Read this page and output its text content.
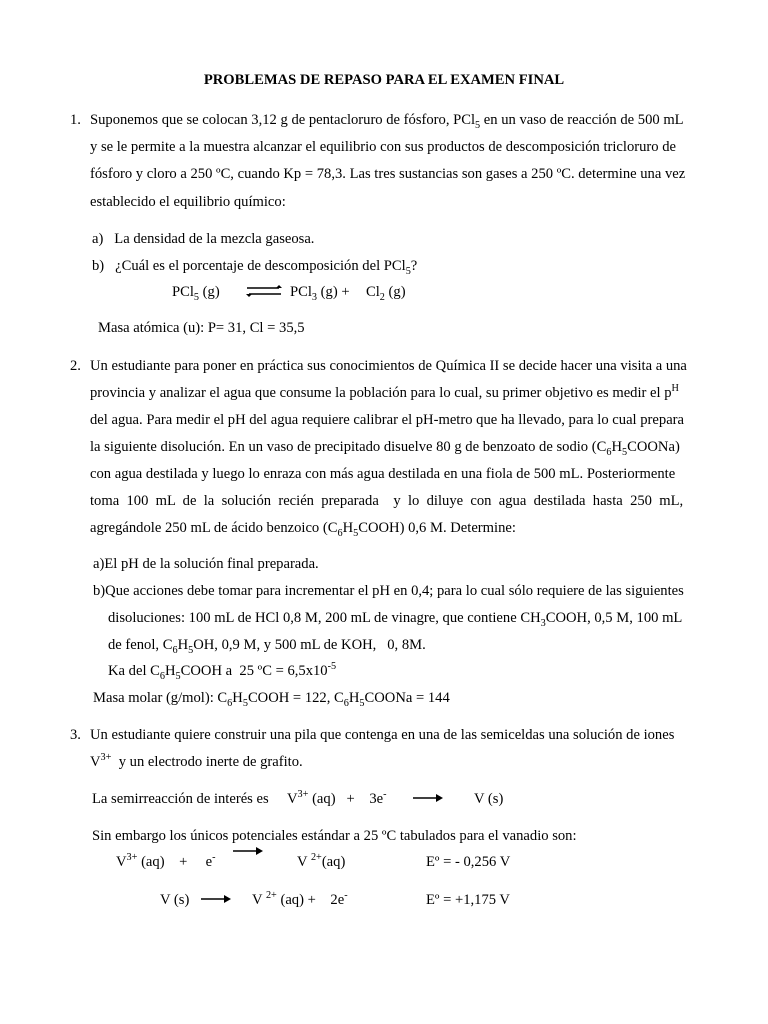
PROBLEMAS DE REPASO PARA EL EXAMEN FINAL
1. Suponemos que se colocan 3,12 g de pentacloruro de fósforo, PCl$_5$ en un vaso de reacción de 500 mL
y se le permite a la muestra alcanzar el equilibrio con sus productos de descomposición tricloruro de
fósforo y cloro a 250 ºC, cuando Kp = 78,3. Las tres sustancias son gases a 250 ºC. determine una vez
establecido el equilibrio químico:
a)   La densidad de la mezcla gaseosa.
b)   ¿Cuál es el porcentaje de descomposición del PCl$_5$?
PCl$_5$ (g) ⇌ PCl$_3$ $(g) + Cl_2$ (g)
Masa atómica (u): P= 31, Cl = 35,5
2. Un estudiante para poner en práctica sus conocimientos de Química II se decide hacer una visita a una
provincia y analizar el agua que consume la población para lo cual, su primer objetivo es medir el $p^H$
del agua. Para medir el pH del agua requiere calibrar el pH-metro que ha llevado, para lo cual prepara
la siguiente disolución. En un vaso de precipitado disuelve 80 g de benzoato de sodio $(C_6H_5COONa)$
con agua destilada y luego lo enraza con más agua destilada en una fiola de 500 mL. Posteriormente
toma  100  mL  de  la  solución  recién  preparada    y  lo  diluye  con  agua  destilada  hasta  250  mL,
agregándole 250 mL de ácido benzoico $(C_6H_5COOH)$ 0,6 M. Determine:
a)El pH de la solución final preparada.
b)Que acciones debe tomar para incrementar el pH en 0,4; para lo cual sólo requiere de las siguientes
disoluciones: 100 mL de HCl 0,8 M, 200 mL de vinagre, que contiene $CH_3COOH$, 0,5 M, 100 mL
de fenol, $C_6H_5OH$, 0,9 M, y 500 mL de KOH,   0, 8M.
Ka del $C_6H_5COOH$ a  25 ºC = $6,5x10^{-5}$
Masa molar (g/mol): $C_6H_5COOH = 122$, $C_6H_5COONa = 144$
3. Un estudiante quiere construir una pila que contenga en una de las semiceldas una solución de iones
$V^{3+}$  y un electrodo inerte de grafito.
La semirreacción de interés es $V^{3+}$ (aq)   +    3e-	V (s)
Sin embargo los únicos potenciales estándar a 25 ºC tabulados para el vanadio son:
$V^{3+}$ (aq)    +     e-	V $^{2+}$(aq)	Eº = - 0,256 V
V (s)	V $^{2+}$ (aq) +    2e-	Eº = +1,175 V
